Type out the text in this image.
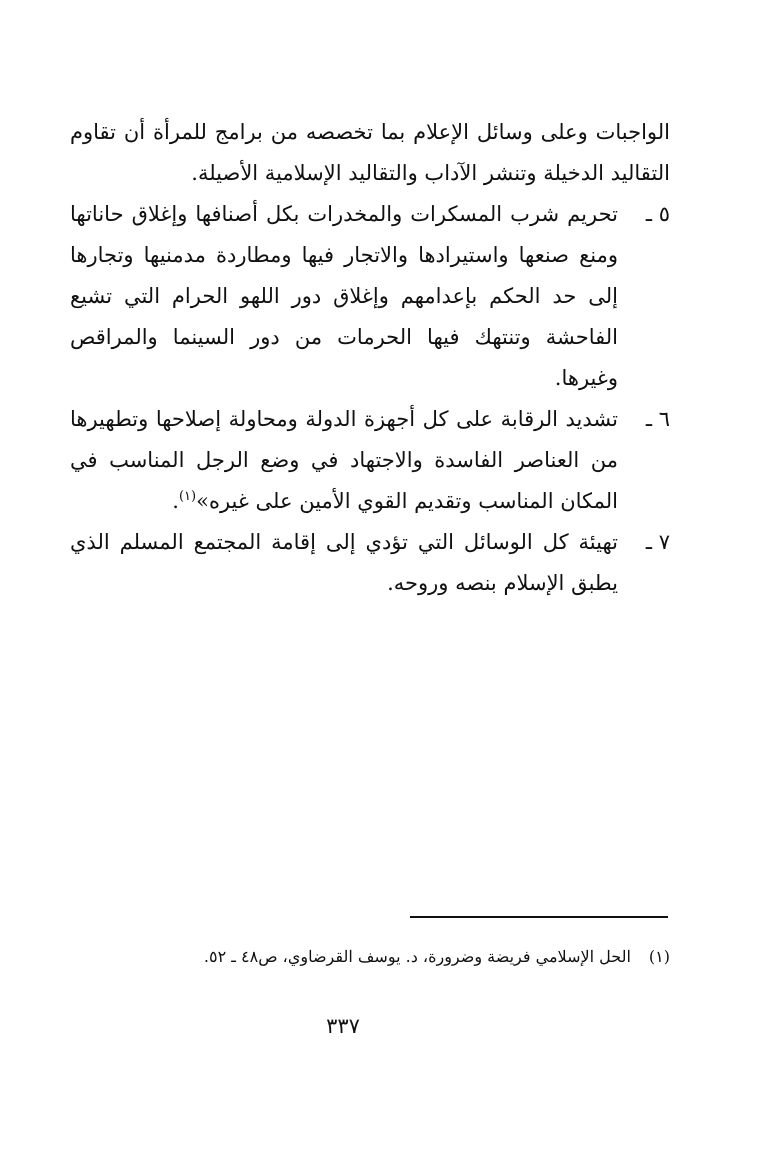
الواجبات وعلى وسائل الإعلام بما تخصصه من برامج للمرأة أن تقاوم التقاليد الدخيلة وتنشر الآداب والتقاليد الإسلامية الأصيلة.

٥ ـ
تحريم شرب المسكرات والمخدرات بكل أصنافها وإغلاق حاناتها ومنع صنعها واستيرادها والاتجار فيها ومطاردة مدمنيها وتجارها إلى حد الحكم بإعدامهم وإغلاق دور اللهو الحرام التي تشيع الفاحشة وتنتهك فيها الحرمات من دور السينما والمراقص وغيرها.
٦ ـ
تشديد الرقابة على كل أجهزة الدولة ومحاولة إصلاحها وتطهيرها من العناصر الفاسدة والاجتهاد في وضع الرجل المناسب في المكان المناسب وتقديم القوي الأمين على غيره»$^{(١)}$.
٧ ـ
تهيئة كل الوسائل التي تؤدي إلى إقامة المجتمع المسلم الذي يطبق الإسلام بنصه وروحه.
(١)الحل الإسلامي فريضة وضرورة، د. يوسف القرضاوي، ص٤٨ ـ ٥٢.
٣٣٧
